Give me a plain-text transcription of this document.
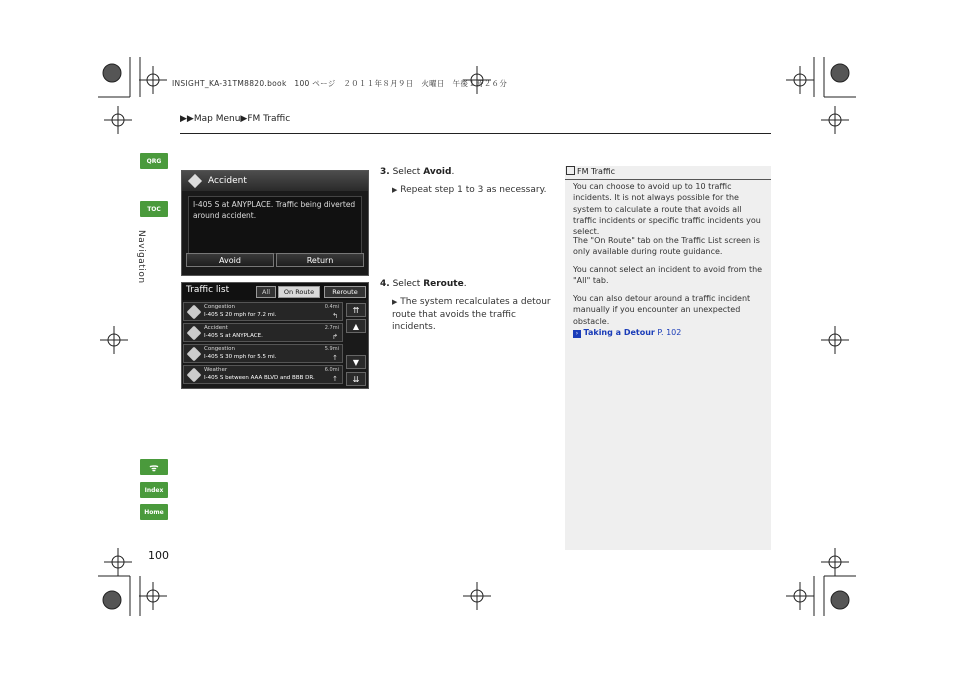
INSIGHT_KA-31TM8820.book　100 ページ　２０１１年８月９日　火曜日　午後１時２６分
▶▶Map Menu▶FM Traffic
QRG
TOC
Navigation
ᯤ
Index
Home
100
Accident
I-405 S at ANYPLACE. Traffic being diverted around accident.
Avoid	Return
Traffic list	All	On Route	Reroute
Congestion
I-405 S 20 mph for 7.2 mi.
0.4mi
↰
Accident
I-405 S at ANYPLACE.
2.7mi
↱
Congestion
I-405 S 30 mph for 5.5 mi.
5.9mi
↑
Weather
I-405 S between AAA BLVD and BBB DR.
6.0mi
↑
⇈
▲
▼
⇊
3. Select Avoid.
▶ Repeat step 1 to 3 as necessary.
4. Select Reroute.
▶ The system recalculates a detour route that avoids the traffic incidents.

You can choose to avoid up to 10 traffic incidents. It is not always possible for the system to calculate a route that avoids all traffic incidents or specific traffic incidents you select.

The "On Route" tab on the Traffic List screen is only available during route guidance.

You cannot select an incident to avoid from the "All" tab.

You can also detour around a traffic incident manually if you encounter an unexpected obstacle.

› Taking a Detour P. 102

FM Traffic
